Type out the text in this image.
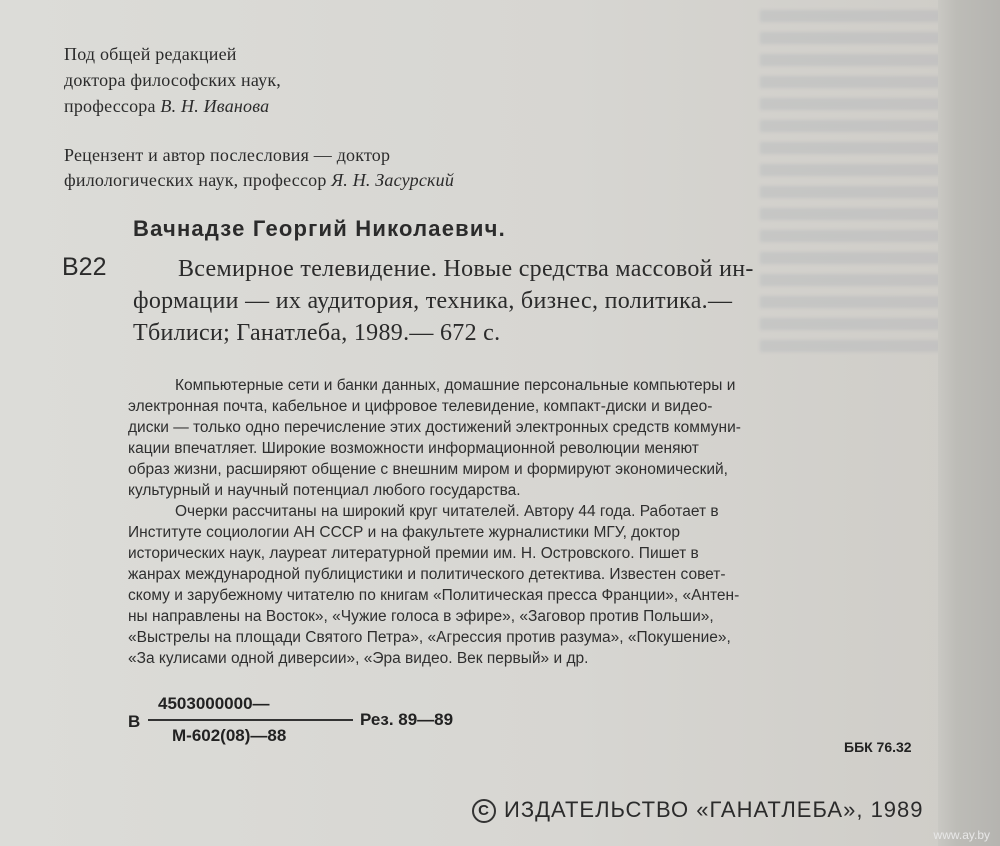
Под общей редакцией
доктора философских наук,
профессора В. Н. Иванова
Рецензент и автор послесловия — доктор
филологических наук, профессор Я. Н. Засурский
Вачнадзе Георгий Николаевич.
В22	Всемирное телевидение. Новые средства массовой ин-
формации — их аудитория, техника, бизнес, политика.—
Тбилиси; Ганатлеба, 1989.— 672 с.
Компьютерные сети и банки данных, домашние персональные компьютеры и
электронная почта, кабельное и цифровое телевидение, компакт-диски и видео-
диски — только одно перечисление этих достижений электронных средств коммуни-
кации впечатляет. Широкие возможности информационной революции меняют
образ жизни, расширяют общение с внешним миром и формируют экономический,
культурный и научный потенциал любого государства.
Очерки рассчитаны на широкий круг читателей. Автору 44 года. Работает в
Институте социологии АН СССР и на факультете журналистики МГУ, доктор
исторических наук, лауреат литературной премии им. Н. Островского. Пишет в
жанрах международной публицистики и политического детектива. Известен совет-
скому и зарубежному читателю по книгам «Политическая пресса Франции», «Антен-
ны направлены на Восток», «Чужие голоса в эфире», «Заговор против Польши»,
«Выстрелы на площади Святого Петра», «Агрессия против разума», «Покушение»,
«За кулисами одной диверсии», «Эра видео. Век первый» и др.
В
4503000000—
М-602(08)—88
Рез. 89—89
ББК 76.32
С ИЗДАТЕЛЬСТВО «ГАНАТЛЕБА», 1989
www.ay.by
